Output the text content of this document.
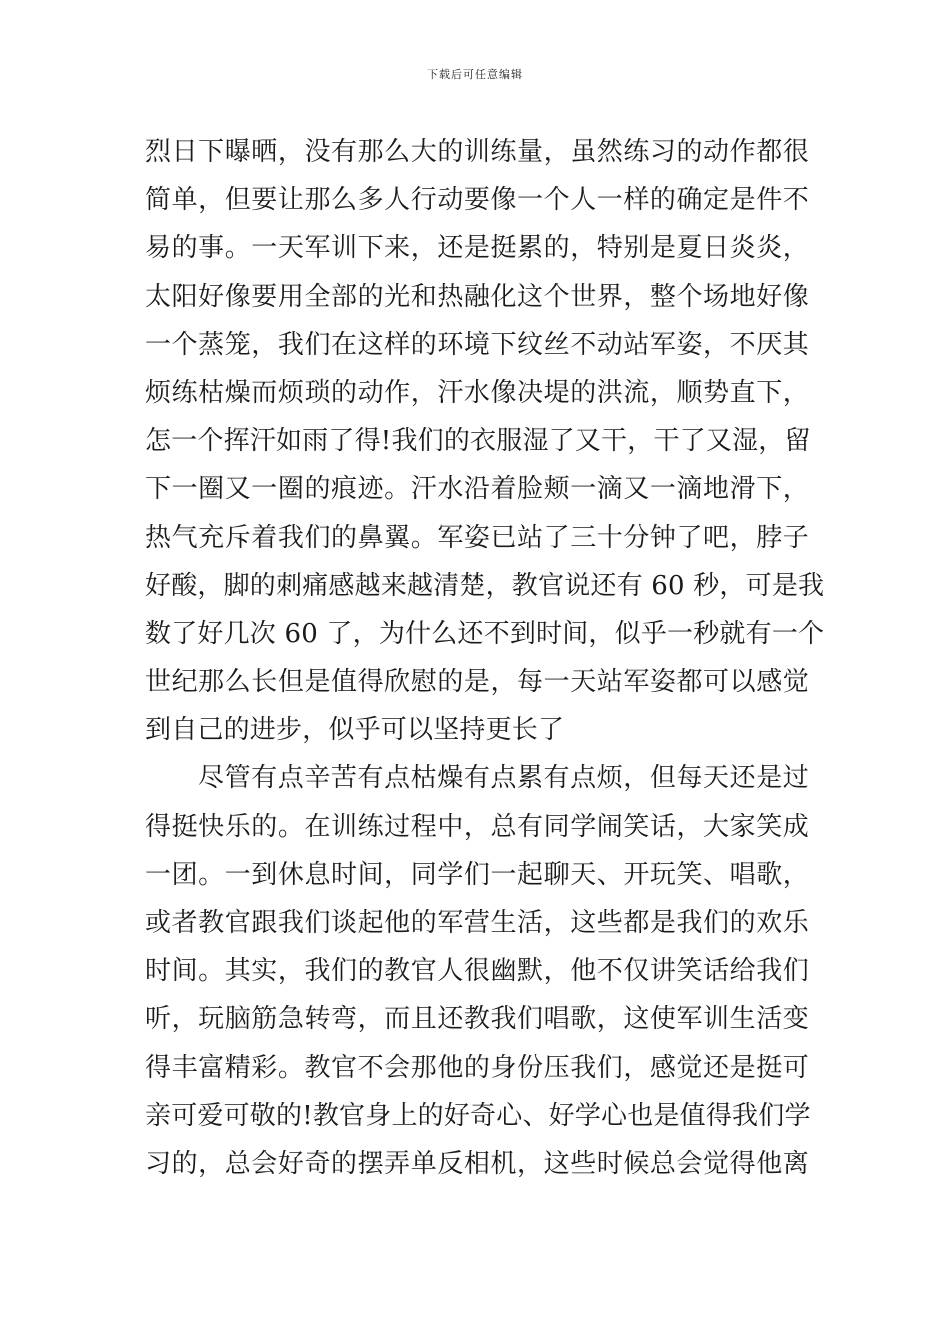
下载后可任意编辑
烈日下曝晒，没有那么大的训练量，虽然练习的动作都很
简单，但要让那么多人行动要像一个人一样的确定是件不
易的事。一天军训下来，还是挺累的，特别是夏日炎炎，
太阳好像要用全部的光和热融化这个世界，整个场地好像
一个蒸笼，我们在这样的环境下纹丝不动站军姿，不厌其
烦练枯燥而烦琐的动作，汗水像决堤的洪流，顺势直下，
怎一个挥汗如雨了得!我们的衣服湿了又干，干了又湿，留
下一圈又一圈的痕迹。汗水沿着脸颊一滴又一滴地滑下，
热气充斥着我们的鼻翼。军姿已站了三十分钟了吧，脖子
好酸，脚的刺痛感越来越清楚，教官说还有 60 秒，可是我
数了好几次 60 了，为什么还不到时间，似乎一秒就有一个
世纪那么长但是值得欣慰的是，每一天站军姿都可以感觉
到自己的进步，似乎可以坚持更长了
尽管有点辛苦有点枯燥有点累有点烦，但每天还是过
得挺快乐的。在训练过程中，总有同学闹笑话，大家笑成
一团。一到休息时间，同学们一起聊天、开玩笑、唱歌，
或者教官跟我们谈起他的军营生活，这些都是我们的欢乐
时间。其实，我们的教官人很幽默，他不仅讲笑话给我们
听，玩脑筋急转弯，而且还教我们唱歌，这使军训生活变
得丰富精彩。教官不会那他的身份压我们，感觉还是挺可
亲可爱可敬的!教官身上的好奇心、好学心也是值得我们学
习的，总会好奇的摆弄单反相机，这些时候总会觉得他离
